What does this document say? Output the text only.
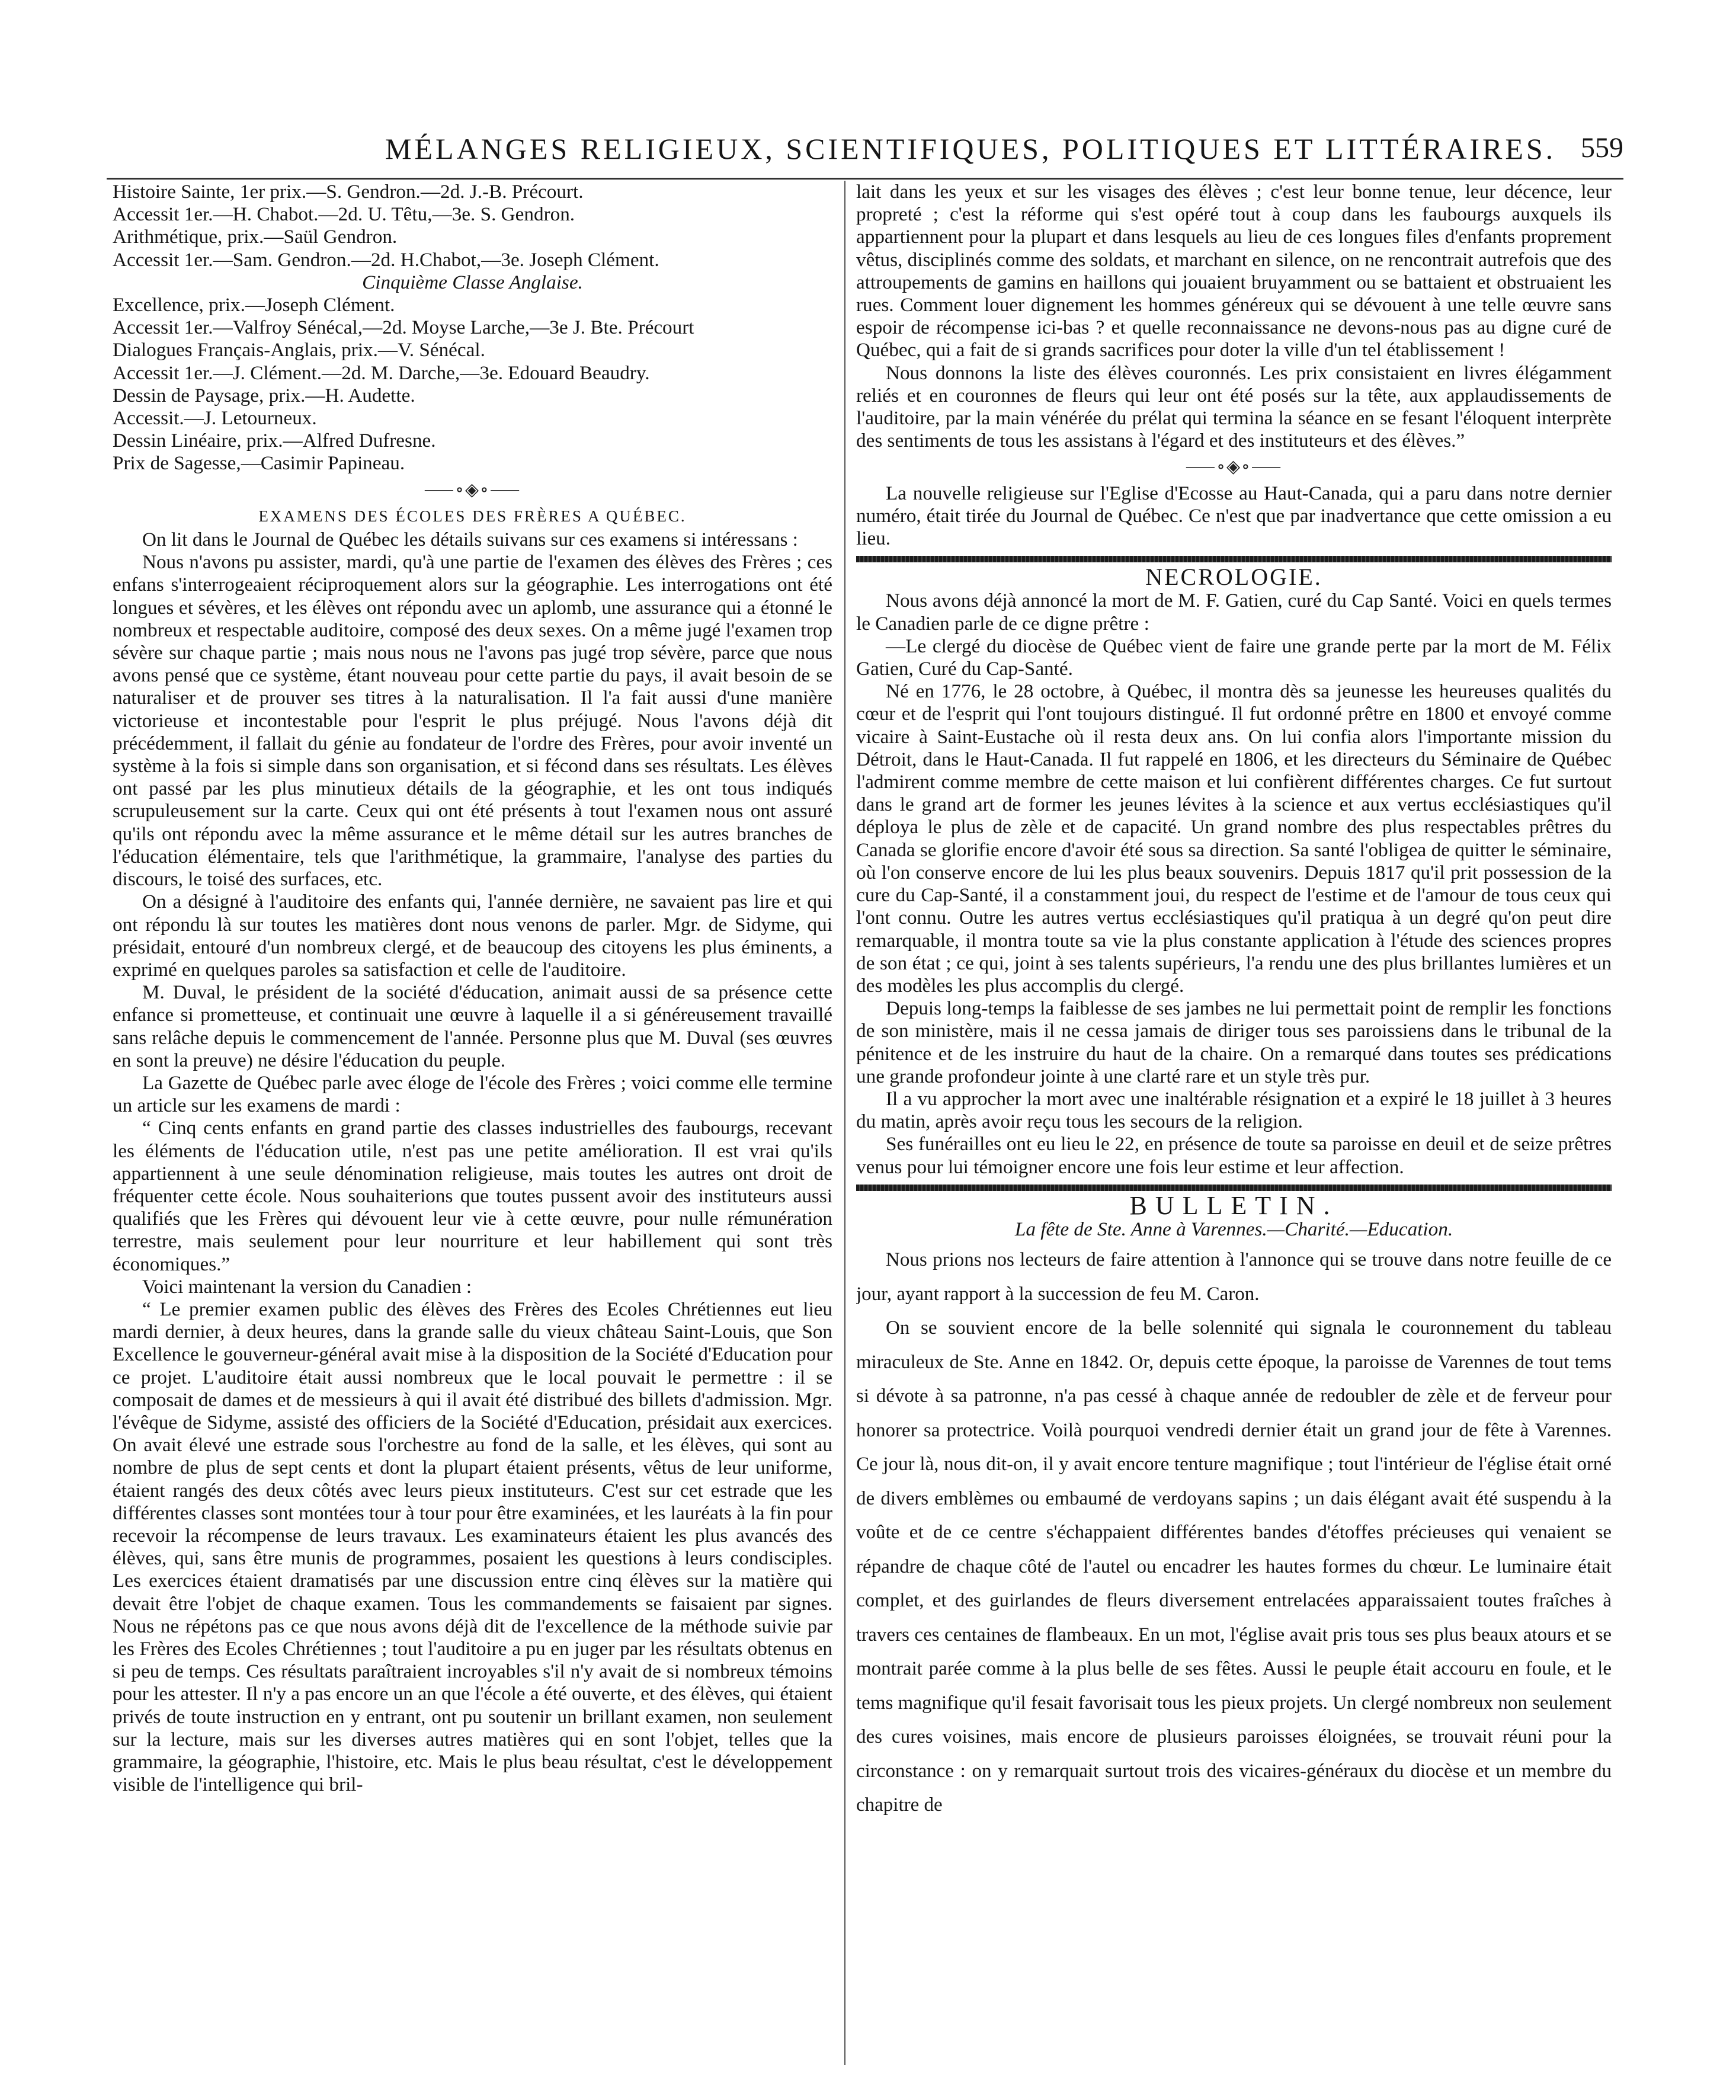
MÉLANGES RELIGIEUX, SCIENTIFIQUES, POLITIQUES ET LITTÉRAIRES. 559
Histoire Sainte, 1er prix.—S. Gendron.—2d. J.-B. Précourt.
Accessit 1er.—H. Chabot.—2d. U. Têtu,—3e. S. Gendron.
Arithmétique, prix.—Saül Gendron.
Accessit 1er.—Sam. Gendron.—2d. H.Chabot,—3e. Joseph Clément.
Cinquième Classe Anglaise.
Excellence, prix.—Joseph Clément.
Accessit 1er.—Valfroy Sénécal,—2d. Moyse Larche,—3e J. Bte. Précourt
Dialogues Français-Anglais, prix.—V. Sénécal.
Accessit 1er.—J. Clément.—2d. M. Darche,—3e. Edouard Beaudry.
Dessin de Paysage, prix.—H. Audette.
Accessit.—J. Letourneux.
Dessin Linéaire, prix.—Alfred Dufresne.
Prix de Sagesse,—Casimir Papineau.
⸺∘◈∘⸺
EXAMENS DES ÉCOLES DES FRÈRES A QUÉBEC.

On lit dans le Journal de Québec les détails suivans sur ces examens si intéressans :

Nous n'avons pu assister, mardi, qu'à une partie de l'examen des élèves des Frères ; ces enfans s'interrogeaient réciproquement alors sur la géographie. Les interrogations ont été longues et sévères, et les élèves ont répondu avec un aplomb, une assurance qui a étonné le nombreux et respectable auditoire, composé des deux sexes. On a même jugé l'examen trop sévère sur chaque partie ; mais nous nous ne l'avons pas jugé trop sévère, parce que nous avons pensé que ce système, étant nouveau pour cette partie du pays, il avait besoin de se naturaliser et de prouver ses titres à la naturalisation. Il l'a fait aussi d'une manière victorieuse et incontestable pour l'esprit le plus préjugé. Nous l'avons déjà dit précédemment, il fallait du génie au fondateur de l'ordre des Frères, pour avoir inventé un système à la fois si simple dans son organisation, et si fécond dans ses résultats. Les élèves ont passé par les plus minutieux détails de la géographie, et les ont tous indiqués scrupuleusement sur la carte. Ceux qui ont été présents à tout l'examen nous ont assuré qu'ils ont répondu avec la même assurance et le même détail sur les autres branches de l'éducation élémentaire, tels que l'arithmétique, la grammaire, l'analyse des parties du discours, le toisé des surfaces, etc.

On a désigné à l'auditoire des enfants qui, l'année dernière, ne savaient pas lire et qui ont répondu là sur toutes les matières dont nous venons de parler. Mgr. de Sidyme, qui présidait, entouré d'un nombreux clergé, et de beaucoup des citoyens les plus éminents, a exprimé en quelques paroles sa satisfaction et celle de l'auditoire.

M. Duval, le président de la société d'éducation, animait aussi de sa présence cette enfance si prometteuse, et continuait une œuvre à laquelle il a si généreusement travaillé sans relâche depuis le commencement de l'année. Personne plus que M. Duval (ses œuvres en sont la preuve) ne désire l'éducation du peuple.

La Gazette de Québec parle avec éloge de l'école des Frères ; voici comme elle termine un article sur les examens de mardi :

“ Cinq cents enfants en grand partie des classes industrielles des faubourgs, recevant les éléments de l'éducation utile, n'est pas une petite amélioration. Il est vrai qu'ils appartiennent à une seule dénomination religieuse, mais toutes les autres ont droit de fréquenter cette école. Nous souhaiterions que toutes pussent avoir des instituteurs aussi qualifiés que les Frères qui dévouent leur vie à cette œuvre, pour nulle rémunération terrestre, mais seulement pour leur nourriture et leur habillement qui sont très économiques.”

Voici maintenant la version du Canadien :

“ Le premier examen public des élèves des Frères des Ecoles Chrétiennes eut lieu mardi dernier, à deux heures, dans la grande salle du vieux château Saint-Louis, que Son Excellence le gouverneur-général avait mise à la disposition de la Société d'Education pour ce projet. L'auditoire était aussi nombreux que le local pouvait le permettre : il se composait de dames et de messieurs à qui il avait été distribué des billets d'admission. Mgr. l'évêque de Sidyme, assisté des officiers de la Société d'Education, présidait aux exercices. On avait élevé une estrade sous l'orchestre au fond de la salle, et les élèves, qui sont au nombre de plus de sept cents et dont la plupart étaient présents, vêtus de leur uniforme, étaient rangés des deux côtés avec leurs pieux instituteurs. C'est sur cet estrade que les différentes classes sont montées tour à tour pour être examinées, et les lauréats à la fin pour recevoir la récompense de leurs travaux. Les examinateurs étaient les plus avancés des élèves, qui, sans être munis de programmes, posaient les questions à leurs condisciples. Les exercices étaient dramatisés par une discussion entre cinq élèves sur la matière qui devait être l'objet de chaque examen. Tous les commandements se faisaient par signes. Nous ne répétons pas ce que nous avons déjà dit de l'excellence de la méthode suivie par les Frères des Ecoles Chrétiennes ; tout l'auditoire a pu en juger par les résultats obtenus en si peu de temps. Ces résultats paraîtraient incroyables s'il n'y avait de si nombreux témoins pour les attester. Il n'y a pas encore un an que l'école a été ouverte, et des élèves, qui étaient privés de toute instruction en y entrant, ont pu soutenir un brillant examen, non seulement sur la lecture, mais sur les diverses autres matières qui en sont l'objet, telles que la grammaire, la géographie, l'histoire, etc. Mais le plus beau résultat, c'est le développement visible de l'intelligence qui bril-

lait dans les yeux et sur les visages des élèves ; c'est leur bonne tenue, leur décence, leur propreté ; c'est la réforme qui s'est opéré tout à coup dans les faubourgs auxquels ils appartiennent pour la plupart et dans lesquels au lieu de ces longues files d'enfants proprement vêtus, disciplinés comme des soldats, et marchant en silence, on ne rencontrait autrefois que des attroupements de gamins en haillons qui jouaient bruyamment ou se battaient et obstruaient les rues. Comment louer dignement les hommes généreux qui se dévouent à une telle œuvre sans espoir de récompense ici-bas ? et quelle reconnaissance ne devons-nous pas au digne curé de Québec, qui a fait de si grands sacrifices pour doter la ville d'un tel établissement !

Nous donnons la liste des élèves couronnés. Les prix consistaient en livres élégamment reliés et en couronnes de fleurs qui leur ont été posés sur la tête, aux applaudissements de l'auditoire, par la main vénérée du prélat qui termina la séance en se fesant l'éloquent interprète des sentiments de tous les assistans à l'égard et des instituteurs et des élèves.”

⸺∘◈∘⸺

La nouvelle religieuse sur l'Eglise d'Ecosse au Haut-Canada, qui a paru dans notre dernier numéro, était tirée du Journal de Québec. Ce n'est que par inadvertance que cette omission a eu lieu.

NECROLOGIE.

Nous avons déjà annoncé la mort de M. F. Gatien, curé du Cap Santé. Voici en quels termes le Canadien parle de ce digne prêtre :

—Le clergé du diocèse de Québec vient de faire une grande perte par la mort de M. Félix Gatien, Curé du Cap-Santé.

Né en 1776, le 28 octobre, à Québec, il montra dès sa jeunesse les heureuses qualités du cœur et de l'esprit qui l'ont toujours distingué. Il fut ordonné prêtre en 1800 et envoyé comme vicaire à Saint-Eustache où il resta deux ans. On lui confia alors l'importante mission du Détroit, dans le Haut-Canada. Il fut rappelé en 1806, et les directeurs du Séminaire de Québec l'admirent comme membre de cette maison et lui confièrent différentes charges. Ce fut surtout dans le grand art de former les jeunes lévites à la science et aux vertus ecclésiastiques qu'il déploya le plus de zèle et de capacité. Un grand nombre des plus respectables prêtres du Canada se glorifie encore d'avoir été sous sa direction. Sa santé l'obligea de quitter le séminaire, où l'on conserve encore de lui les plus beaux souvenirs. Depuis 1817 qu'il prit possession de la cure du Cap-Santé, il a constamment joui, du respect de l'estime et de l'amour de tous ceux qui l'ont connu. Outre les autres vertus ecclésiastiques qu'il pratiqua à un degré qu'on peut dire remarquable, il montra toute sa vie la plus constante application à l'étude des sciences propres de son état ; ce qui, joint à ses talents supérieurs, l'a rendu une des plus brillantes lumières et un des modèles les plus accomplis du clergé.

Depuis long-temps la faiblesse de ses jambes ne lui permettait point de remplir les fonctions de son ministère, mais il ne cessa jamais de diriger tous ses paroissiens dans le tribunal de la pénitence et de les instruire du haut de la chaire. On a remarqué dans toutes ses prédications une grande profondeur jointe à une clarté rare et un style très pur.

Il a vu approcher la mort avec une inaltérable résignation et a expiré le 18 juillet à 3 heures du matin, après avoir reçu tous les secours de la religion.

Ses funérailles ont eu lieu le 22, en présence de toute sa paroisse en deuil et de seize prêtres venus pour lui témoigner encore une fois leur estime et leur affection.

BULLETIN.
La fête de Ste. Anne à Varennes.—Charité.—Education.

Nous prions nos lecteurs de faire attention à l'annonce qui se trouve dans notre feuille de ce jour, ayant rapport à la succession de feu M. Caron.

On se souvient encore de la belle solennité qui signala le couronnement du tableau miraculeux de Ste. Anne en 1842. Or, depuis cette époque, la paroisse de Varennes de tout tems si dévote à sa patronne, n'a pas cessé à chaque année de redoubler de zèle et de ferveur pour honorer sa protectrice. Voilà pourquoi vendredi dernier était un grand jour de fête à Varennes. Ce jour là, nous dit-on, il y avait encore tenture magnifique ; tout l'intérieur de l'église était orné de divers emblèmes ou embaumé de verdoyans sapins ; un dais élégant avait été suspendu à la voûte et de ce centre s'échappaient différentes bandes d'étoffes précieuses qui venaient se répandre de chaque côté de l'autel ou encadrer les hautes formes du chœur. Le luminaire était complet, et des guirlandes de fleurs diversement entrelacées apparaissaient toutes fraîches à travers ces centaines de flambeaux. En un mot, l'église avait pris tous ses plus beaux atours et se montrait parée comme à la plus belle de ses fêtes. Aussi le peuple était accouru en foule, et le tems magnifique qu'il fesait favorisait tous les pieux projets. Un clergé nombreux non seulement des cures voisines, mais encore de plusieurs paroisses éloignées, se trouvait réuni pour la circonstance : on y remarquait surtout trois des vicaires-généraux du diocèse et un membre du chapitre de
